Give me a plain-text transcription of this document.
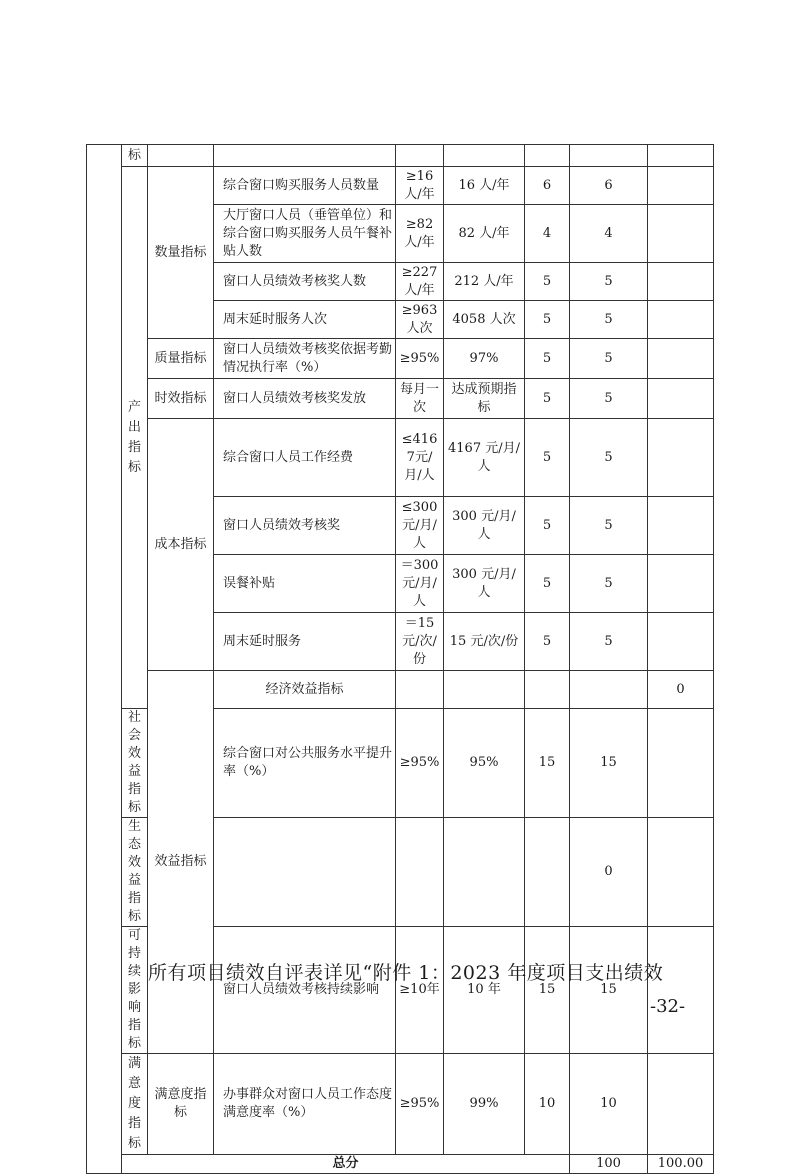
	标								
	产出指标	数量指标	综合窗口购买服务人员数量	≥16人/年	16 人/年	6	6		
			大厅窗口人员（垂管单位）和综合窗口购买服务人员午餐补贴人数	≥82人/年	82 人/年	4	4		
			窗口人员绩效考核奖人数	≥227人/年	212 人/年	5	5		
			周末延时服务人次	≥963人次	4058 人次	5	5		
		质量指标	窗口人员绩效考核奖依据考勤情况执行率（%）	≥95%	97%	5	5		
		时效指标	窗口人员绩效考核奖发放	每月一次	达成预期指标	5	5		
		成本指标	综合窗口人员工作经费	≤4167元/月/人	4167 元/月/人	5	5		
			窗口人员绩效考核奖	≤300元/月/人	300 元/月/人	5	5		
			误餐补贴	＝300元/月/人	300 元/月/人	5	5		
			周末延时服务	＝15元/次/份	15 元/次/份	5	5		
		效益指标	经济效益指标					0	
	社会效益指标		综合窗口对公共服务水平提升率（%）	≥95%	95%	15	15		
	生态效益指标						0		
	可持续影响指标		窗口人员绩效考核持续影响	≥10年	10 年	15	15		
	满意度指标	满意度指标	办事群众对窗口人员工作态度满意度率（%）	≥95%	99%	10	10		
	总分						100	100.00	
所有项目绩效自评表详见“附件 1：2023 年度项目支出绩效
-32-
